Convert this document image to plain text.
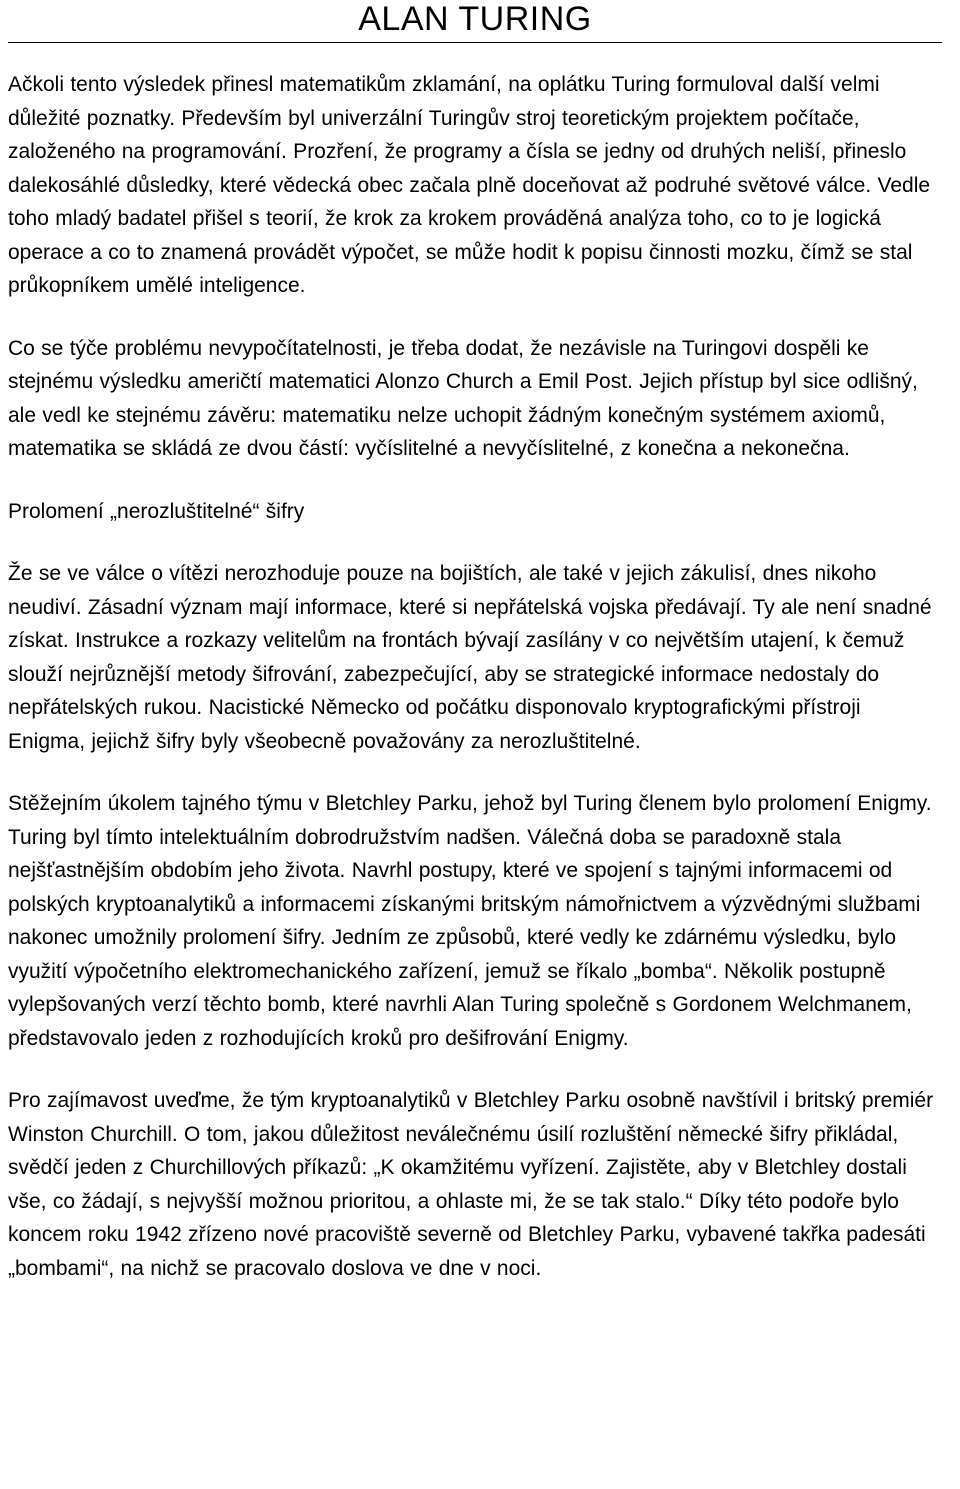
ALAN TURING

Ačkoli tento výsledek přinesl matematikům zklamání, na oplátku Turing formuloval další velmi důležité poznatky. Především byl univerzální Turingův stroj teoretickým projektem počítače, založeného na programování. Prozření, že programy a čísla se jedny od druhých neliší, přineslo dalekosáhlé důsledky, které vědecká obec začala plně doceňovat až podruhé světové válce. Vedle toho mladý badatel přišel s teorií, že krok za krokem prováděná analýza toho, co to je logická operace a co to znamená provádět výpočet, se může hodit k popisu činnosti mozku, čímž se stal průkopníkem umělé inteligence.

Co se týče problému nevypočítatelnosti, je třeba dodat, že nezávisle na Turingovi dospěli ke stejnému výsledku američtí matematici Alonzo Church a Emil Post. Jejich přístup byl sice odlišný, ale vedl ke stejnému závěru: matematiku nelze uchopit žádným konečným systémem axiomů, matematika se skládá ze dvou částí: vyčíslitelné a nevyčíslitelné, z konečna a nekonečna.

Prolomení „nerozluštitelné“ šifry

Že se ve válce o vítězi nerozhoduje pouze na bojištích, ale také v jejich zákulisí, dnes nikoho neudiví. Zásadní význam mají informace, které si nepřátelská vojska předávají. Ty ale není snadné získat. Instrukce a rozkazy velitelům na frontách bývají zasílány v co největším utajení, k čemuž slouží nejrůznější metody šifrování, zabezpečující, aby se strategické informace nedostaly do nepřátelských rukou. Nacistické Německo od počátku disponovalo kryptografickými přístroji Enigma, jejichž šifry byly všeobecně považovány za nerozluštitelné.

Stěžejním úkolem tajného týmu v Bletchley Parku, jehož byl Turing členem bylo prolomení Enigmy. Turing byl tímto intelektuálním dobrodružstvím nadšen. Válečná doba se paradoxně stala nejšťastnějším obdobím jeho života. Navrhl postupy, které ve spojení s tajnými informacemi od polských kryptoanalytiků a informacemi získanými britským námořnictvem a výzvědnými službami nakonec umožnily prolomení šifry. Jedním ze způsobů, které vedly ke zdárnému výsledku, bylo využití výpočetního elektromechanického zařízení, jemuž se říkalo „bomba“. Několik postupně vylepšovaných verzí těchto bomb, které navrhli Alan Turing společně s Gordonem Welchmanem, představovalo jeden z rozhodujících kroků pro dešifrování Enigmy.

Pro zajímavost uveďme, že tým kryptoanalytiků v Bletchley Parku osobně navštívil i britský premiér Winston Churchill. O tom, jakou důležitost neválečnému úsilí rozluštění německé šifry přikládal, svědčí jeden z Churchillových příkazů: „K okamžitému vyřízení. Zajistěte, aby v Bletchley dostali vše, co žádají, s nejvyšší možnou prioritou, a ohlaste mi, že se tak stalo.“ Díky této podoře bylo koncem roku 1942 zřízeno nové pracoviště severně od Bletchley Parku, vybavené takřka padesáti „bombami“, na nichž se pracovalo doslova ve dne v noci.
